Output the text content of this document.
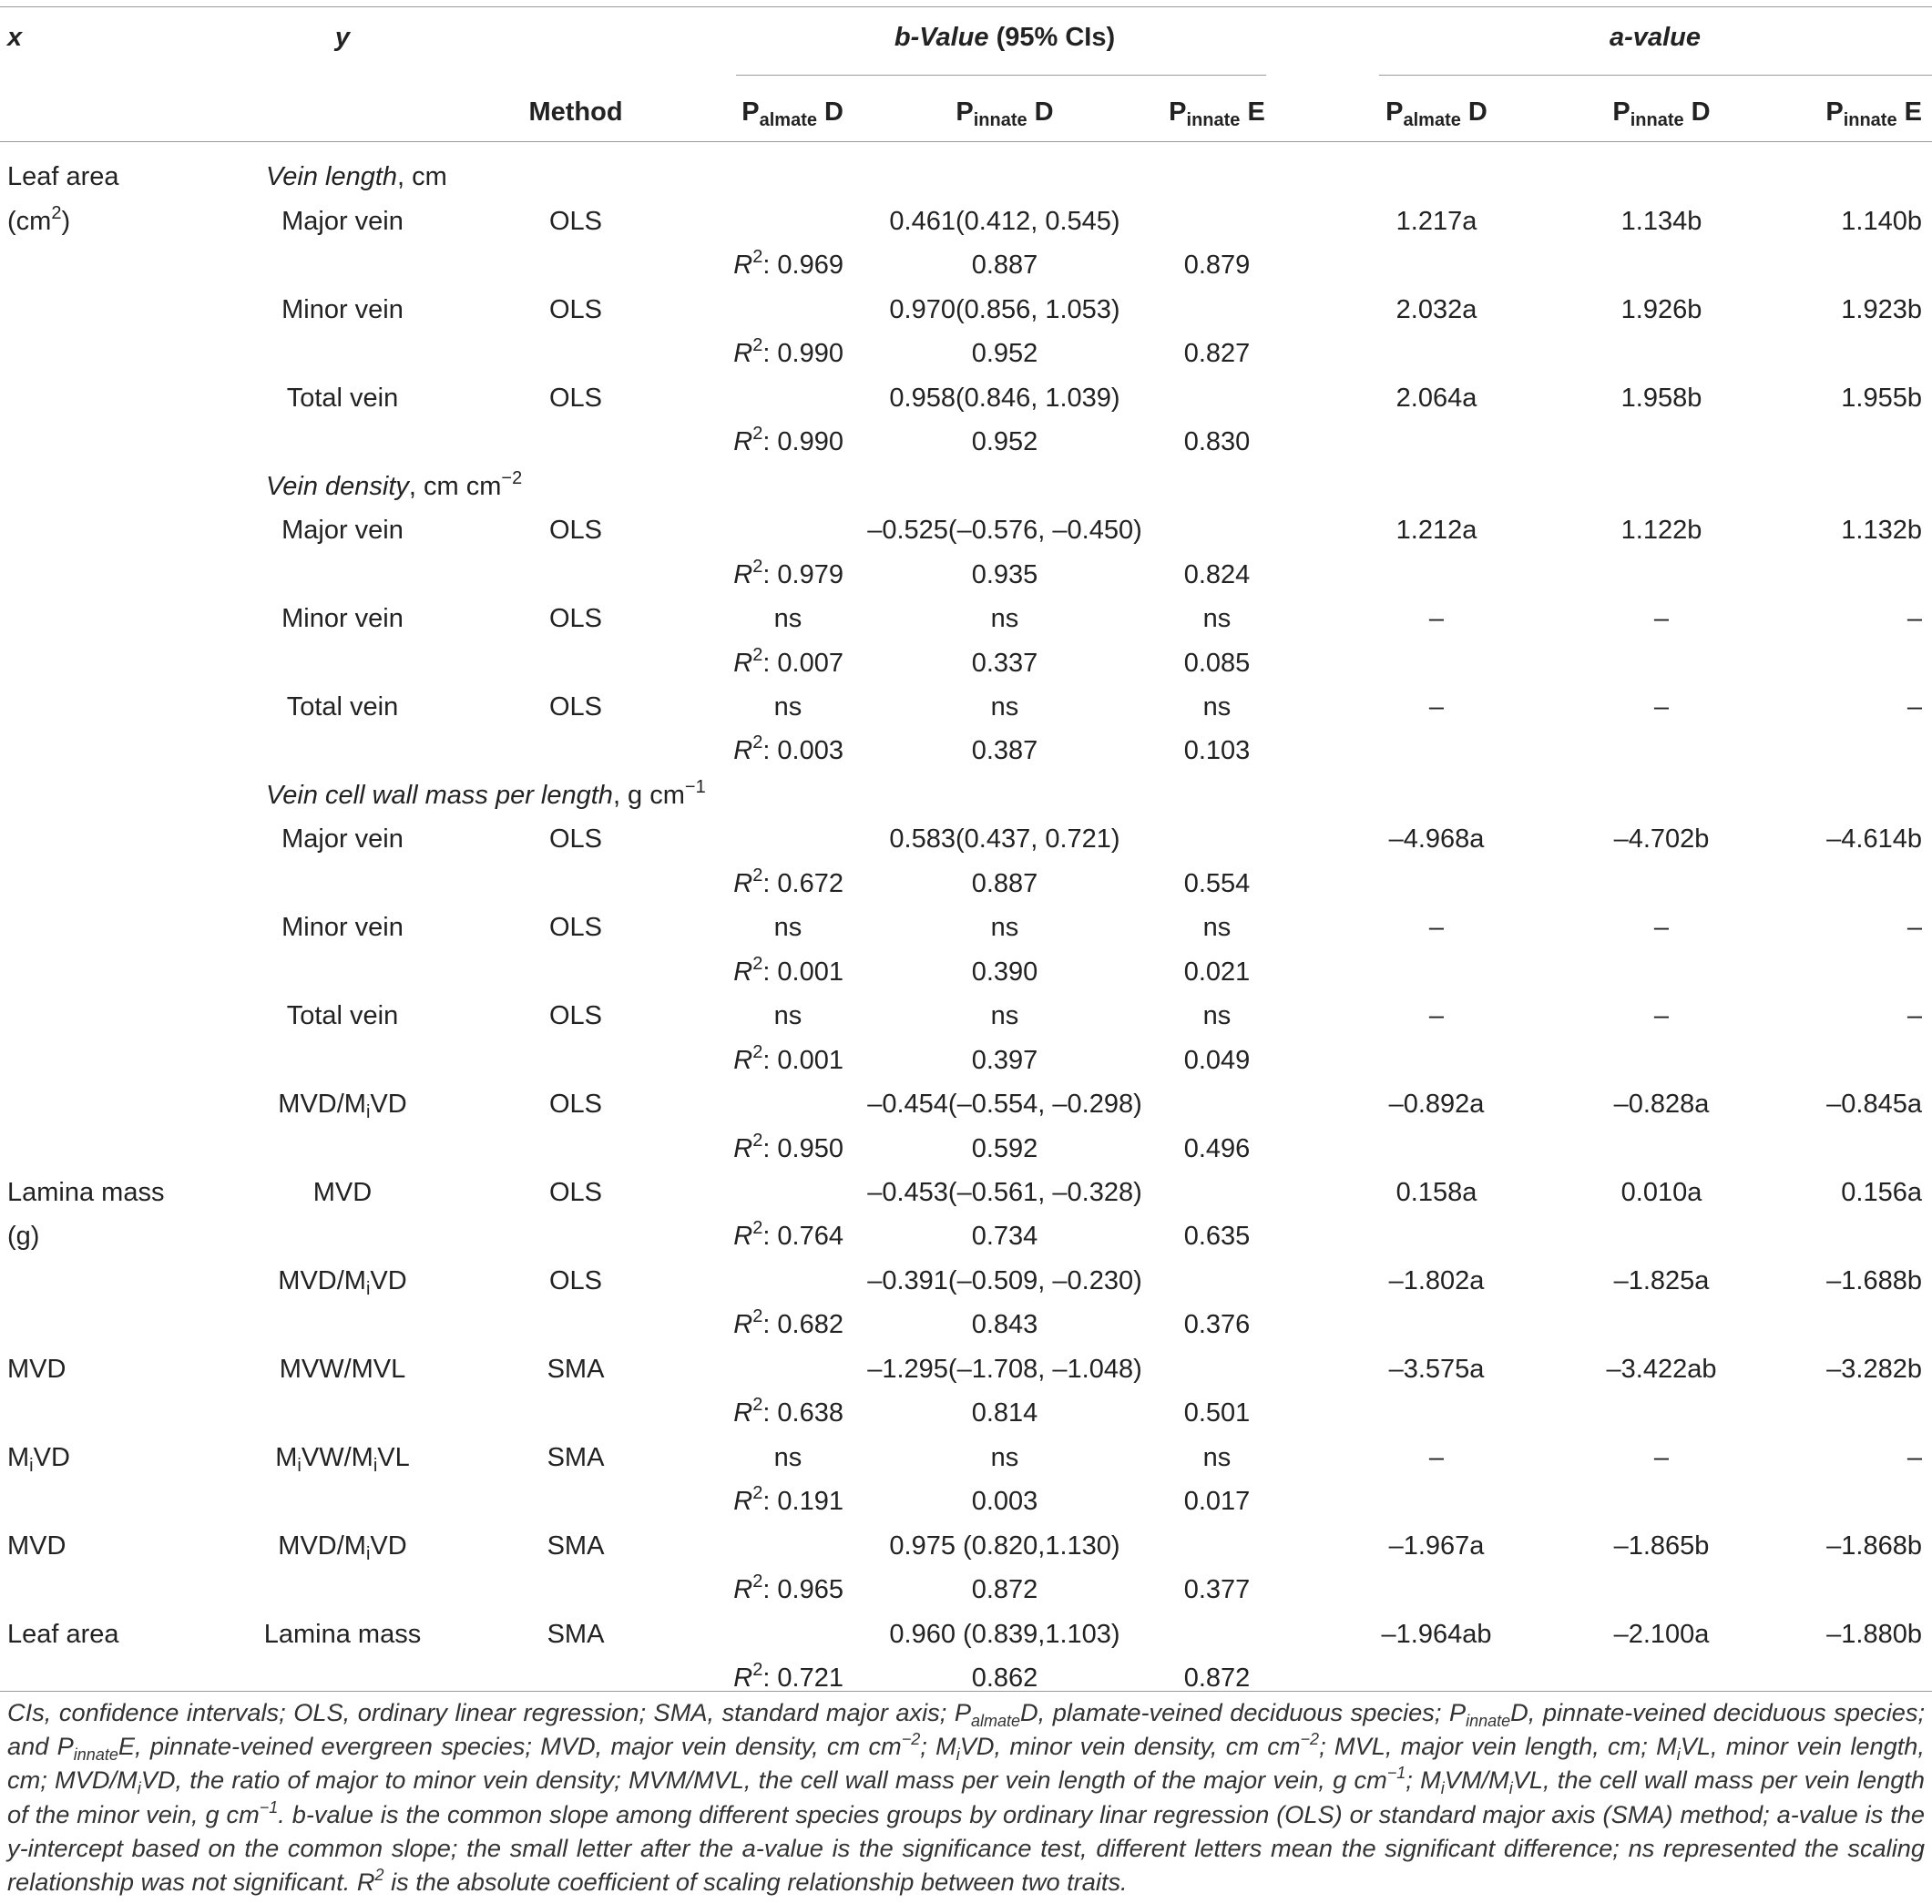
x	y	b-Value (95% CIs)	a-value
Method	$P_{almate}$ D	$P_{innate}$ D	$P_{innate}$ E	$P_{almate}$ D	$P_{innate}$ D	$P_{innate}$ E
Leaf area
$(cm^2)$
Vein length, cm
Major vein	OLS	0.461(0.412, 0.545)	1.217a	1.134b	1.140b
$R^2$: 0.969	0.887	0.879
Minor vein	OLS	0.970(0.856, 1.053)	2.032a	1.926b	1.923b
$R^2$: 0.990	0.952	0.827
Total vein	OLS	0.958(0.846, 1.039)	2.064a	1.958b	1.955b
$R^2$: 0.990	0.952	0.830
Vein density, cm $cm^{-2}$
Major vein	OLS	–0.525(–0.576, –0.450)	1.212a	1.122b	1.132b
$R^2$: 0.979	0.935	0.824
Minor vein	OLS	ns	ns	ns	–	–	–
$R^2$: 0.007	0.337	0.085
Total vein	OLS	ns	ns	ns	–	–	–
$R^2$: 0.003	0.387	0.103
Vein cell wall mass per length, g $cm^{-1}$
Major vein	OLS	0.583(0.437, 0.721)	–4.968a	–4.702b	–4.614b
$R^2$: 0.672	0.887	0.554
Minor vein	OLS	ns	ns	ns	–	–	–
$R^2$: 0.001	0.390	0.021
Total vein	OLS	ns	ns	ns	–	–	–
$R^2$: 0.001	0.397	0.049
MVD/$M_iVD$	OLS	–0.454(–0.554, –0.298)	–0.892a	–0.828a	–0.845a
$R^2$: 0.950	0.592	0.496
Lamina mass	MVD	OLS	–0.453(–0.561, –0.328)	0.158a	0.010a	0.156a
(g)	$R^2$: 0.764	0.734	0.635
MVD/$M_iVD$	OLS	–0.391(–0.509, –0.230)	–1.802a	–1.825a	–1.688b
$R^2$: 0.682	0.843	0.376
MVD	MVW/MVL	SMA	–1.295(–1.708, –1.048)	–3.575a	–3.422ab	–3.282b
$R^2$: 0.638	0.814	0.501
$M_iVD$	$M_iVW/M_iVL$	SMA	ns	ns	ns	–	–	–
$R^2$: 0.191	0.003	0.017
MVD	MVD/$M_iVD$	SMA	0.975 (0.820,1.130)	–1.967a	–1.865b	–1.868b
$R^2$: 0.965	0.872	0.377
Leaf area	Lamina mass	SMA	0.960 (0.839,1.103)	–1.964ab	–2.100a	–1.880b
$R^2$: 0.721	0.862	0.872
CIs, confidence intervals; OLS, ordinary linear regression; SMA, standard major axis; $P_{almate}D$, plamate-veined deciduous species; $P_{innate}D$, pinnate-veined deciduous species; and $P_{innate}E$, pinnate-veined evergreen species; MVD, major vein density, cm $cm^{-2}$; $M_iVD$, minor vein density, cm $cm^{-2}$; MVL, major vein length, cm; $M_iVL$, minor vein length, cm; MVD/$M_iVD$, the ratio of major to minor vein density; MVM/MVL, the cell wall mass per vein length of the major vein, g $cm^{-1}$; $M_iVM/M_iVL$, the cell wall mass per vein length of the minor vein, g $cm^{-1}$. b-value is the common slope among different species groups by ordinary linar regression (OLS) or standard major axis (SMA) method; a-value is the y-intercept based on the common slope; the small letter after the a-value is the significance test, different letters mean the significant difference; ns represented the scaling relationship was not significant. $R^2$ is the absolute coefficient of scaling relationship between two traits.
